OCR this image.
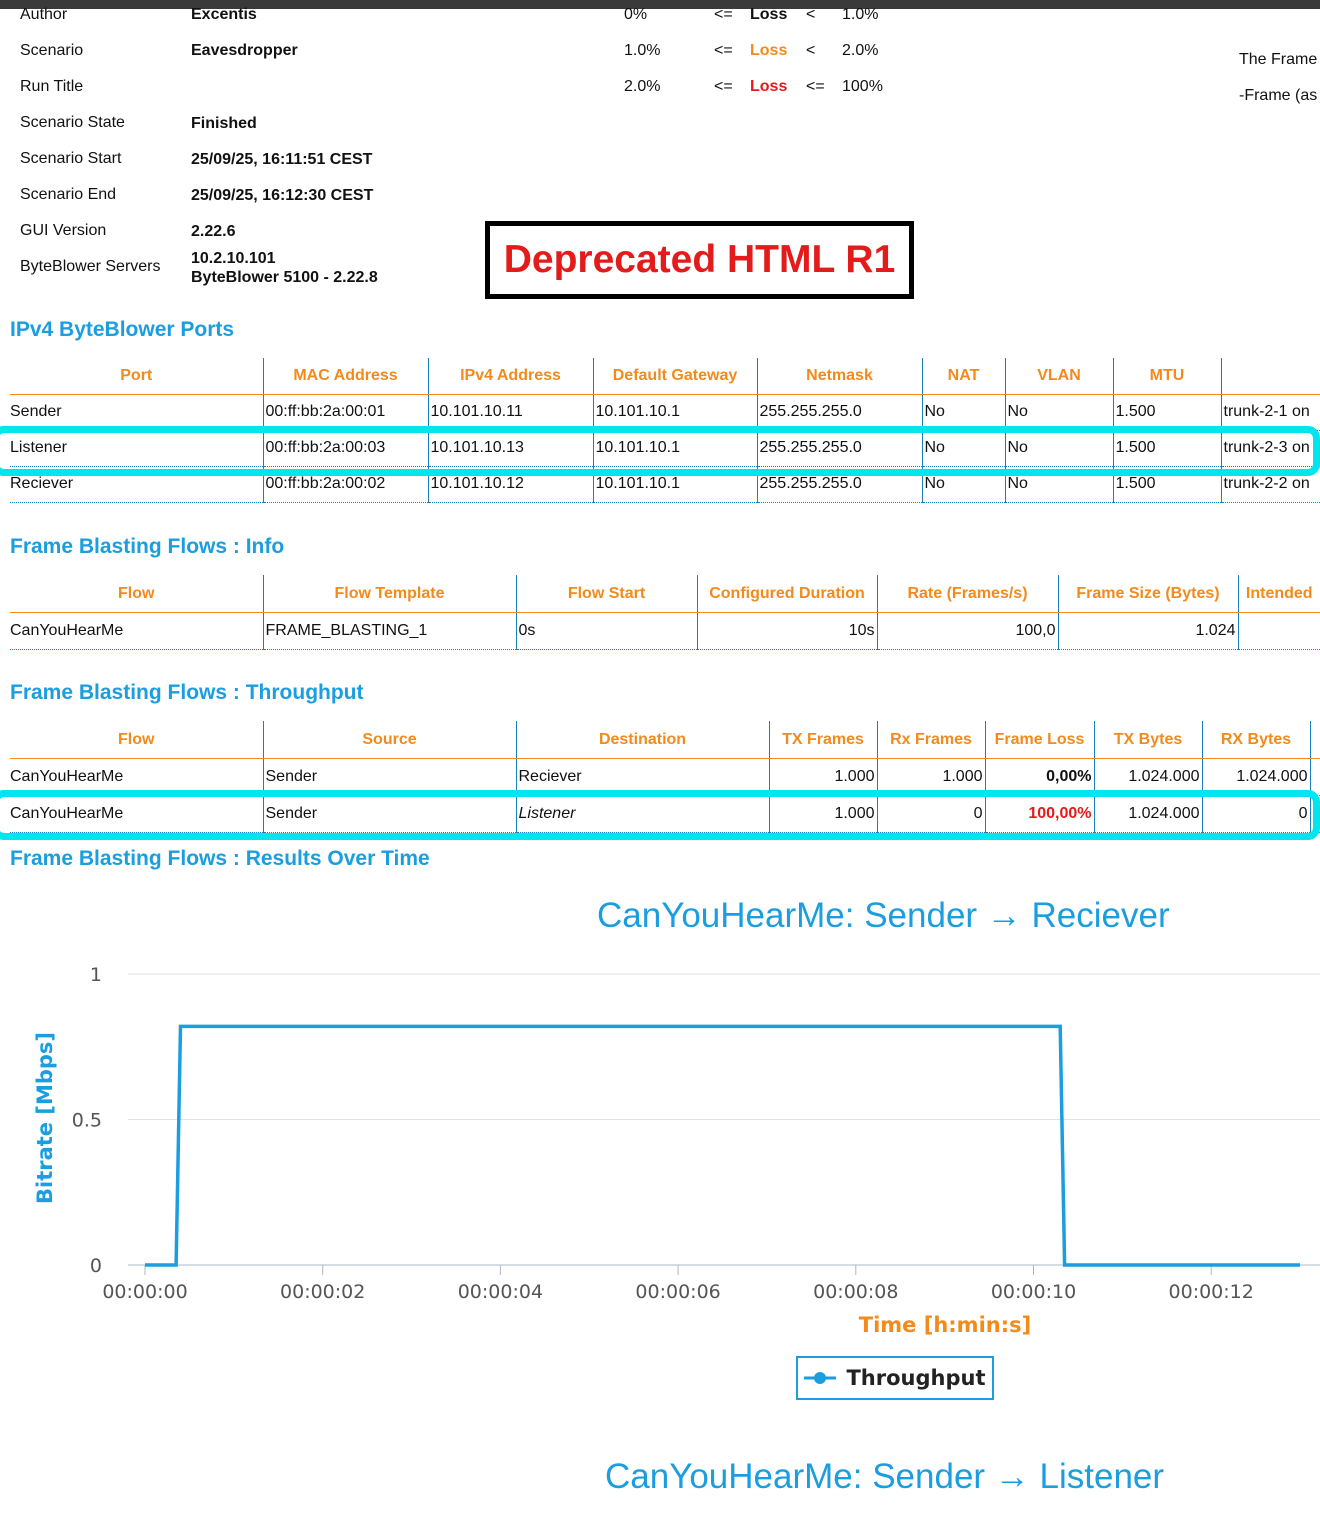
Author	Excentis
Scenario	Eavesdropper
Run Title
Scenario State	Finished
Scenario Start	25/09/25, 16:11:51 CEST
Scenario End	25/09/25, 16:12:30 CEST
GUI Version	2.22.6
ByteBlower Servers 10.2.10.101
ByteBlower 5100 - 2.22.8
0%	<= Loss < 1.0%
1.0%	<= Loss < 2.0%
2.0%	<= Loss <= 100%
The Frame
-Frame (as
Deprecated HTML R1
IPv4 ByteBlower Ports
Port	MAC Address	IPv4 Address	Default Gateway	Netmask	NAT	VLAN	MTU	
Sender	00:ff:bb:2a:00:01	10.101.10.11	10.101.10.1	255.255.255.0	No	No	1.500	trunk-2-1 on
Listener	00:ff:bb:2a:00:03	10.101.10.13	10.101.10.1	255.255.255.0	No	No	1.500	trunk-2-3 on
Reciever	00:ff:bb:2a:00:02	10.101.10.12	10.101.10.1	255.255.255.0	No	No	1.500	trunk-2-2 on
Frame Blasting Flows : Info
Flow	Flow Template	Flow Start	Configured Duration	Rate (Frames/s)	Frame Size (Bytes)	Intended
CanYouHearMe	FRAME_BLASTING_1	0s	10s	100,0	1.024	
Frame Blasting Flows : Throughput
Flow	Source	Destination	TX Frames	Rx Frames	Frame Loss	TX Bytes	RX Bytes	
CanYouHearMe	Sender	Reciever	1.000	1.000	0,00%	1.024.000	1.024.000	
CanYouHearMe	Sender	Listener	1.000	0	100,00%	1.024.000	0	
Frame Blasting Flows : Results Over Time
CanYouHearMe: Sender → Reciever
0
0.5
1
00:00:00	00:00:02	00:00:04	00:00:06	00:00:08	00:00:10	00:00:12
Time [h:min:s]
Bitrate [Mbps]
Throughput
CanYouHearMe: Sender → Listener
